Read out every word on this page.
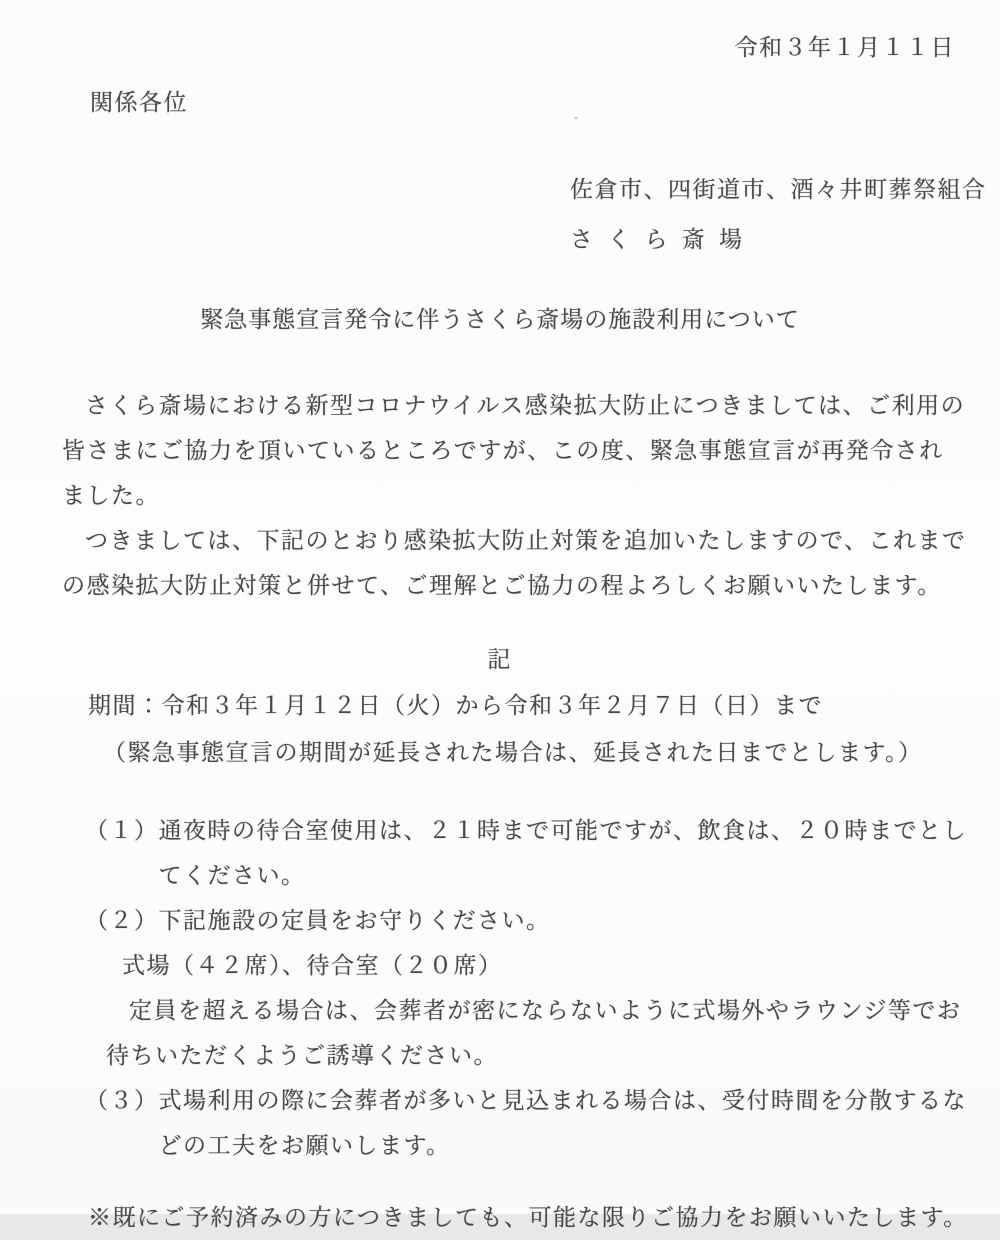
令和３年１月１１日
関係各位
佐倉市、四街道市、酒々井町葬祭組合
さくら斎場
緊急事態宣言発令に伴うさくら斎場の施設利用について

さくら斎場における新型コロナウイルス感染拡大防止につきましては、ご利用の皆さまにご協力を頂いているところですが、この度、緊急事態宣言が再発令されました。

つきましては、下記のとおり感染拡大防止対策を追加いたしますので、これまでの感染拡大防止対策と併せて、ご理解とご協力の程よろしくお願いいたします。

記
期間：令和３年１月１２日（火）から令和３年２月７日（日）まで
（緊急事態宣言の期間が延長された場合は、延長された日までとします。）
（１） 通夜時の待合室使用は、２１時まで可能ですが、飲食は、２０時までとしてください。
（２） 下記施設の定員をお守りください。
式場（４２席）、待合室（２０席）

定員を超える場合は、会葬者が密にならないように式場外やラウンジ等でお待ちいただくようご誘導ください。

（３） 式場利用の際に会葬者が多いと見込まれる場合は、受付時間を分散するなどの工夫をお願いします。
※既にご予約済みの方につきましても、可能な限りご協力をお願いいたします。
